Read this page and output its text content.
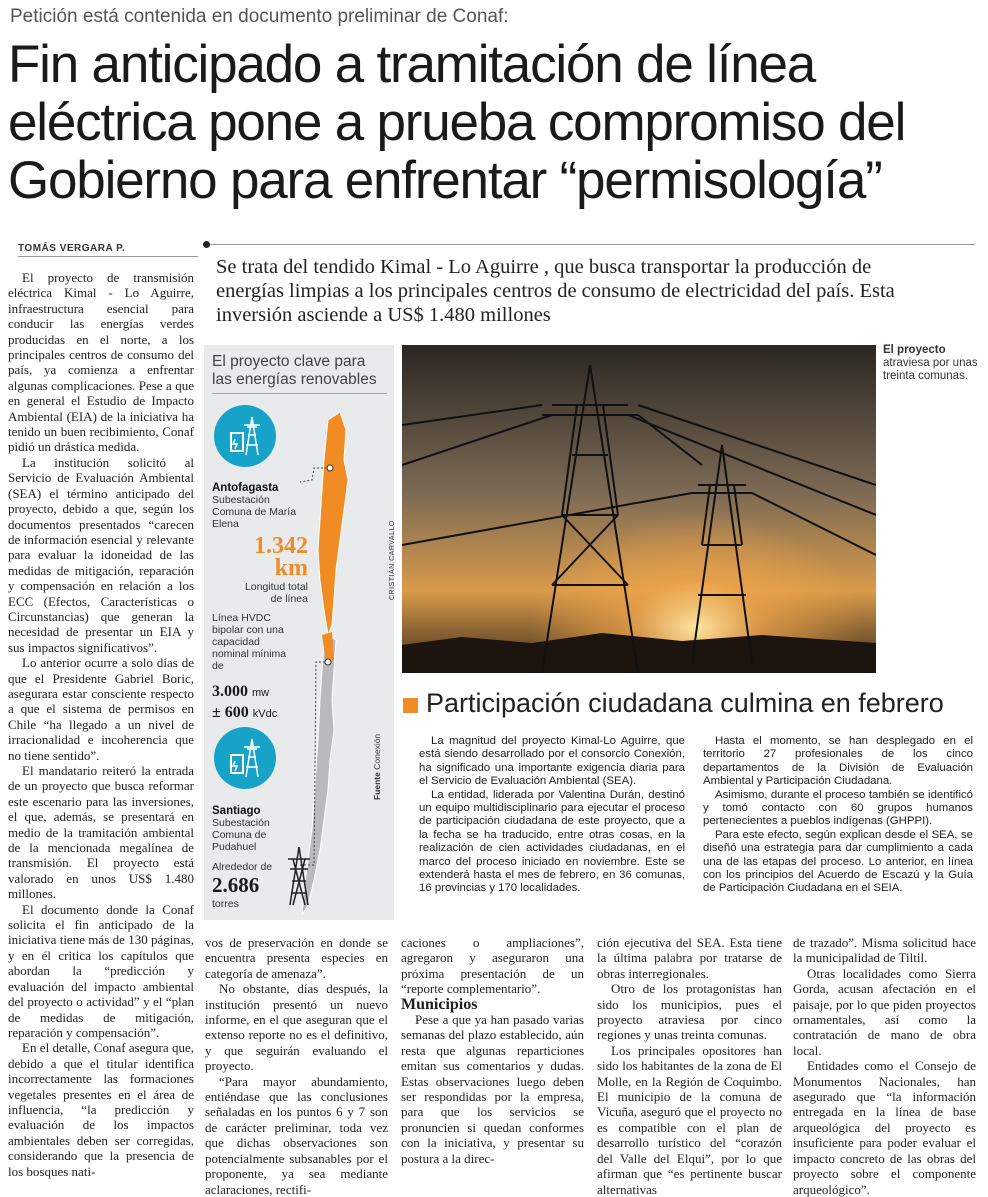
Petición está contenida en documento preliminar de Conaf:
Fin anticipado a tramitación de línea eléctrica pone a prueba compromiso del Gobierno para enfrentar “permisología”
TOMÁS VERGARA P.
Se trata del tendido Kimal - Lo Aguirre , que busca transportar la producción de energías limpias a los principales centros de consumo de electricidad del país. Esta inversión asciende a US$ 1.480 millones

El proyecto de transmisión eléctrica Kimal - Lo Aguirre, infraestructura esencial para conducir las energías verdes producidas en el norte, a los principales centros de consumo del país, ya comienza a enfrentar algunas complicaciones. Pese a que en general el Estudio de Impacto Ambiental (EIA) de la iniciativa ha tenido un buen recibimiento, Conaf pidió un drástica medida.

La institución solicitó al Servicio de Evaluación Ambiental (SEA) el término anticipado del proyecto, debido a que, según los documentos presentados “carecen de información esencial y relevante para evaluar la idoneidad de las medidas de mitigación, reparación y compensación en relación a los ECC (Efectos, Características o Circunstancias) que generan la necesidad de presentar un EIA y sus impactos significativos”.

Lo anterior ocurre a solo días de que el Presidente Gabriel Boric, asegurara estar consciente respecto a que el sistema de permisos en Chile “ha llegado a un nivel de irracionalidad e incoherencia que no tiene sentido”.

El mandatario reiteró la entrada de un proyecto que busca reformar este escenario para las inversiones, el que, además, se presentará en medio de la tramitación ambiental de la mencionada megalínea de transmisión. El proyecto está valorado en unos US$ 1.480 millones.

El documento donde la Conaf solicita el fin anticipado de la iniciativa tiene más de 130 páginas, y en él critica los capítulos que abordan la “predicción y evaluación del impacto ambiental del proyecto o actividad” y el “plan de medidas de mitigación, reparación y compensación”.

En el detalle, Conaf asegura que, debido a que el titular identifica incorrectamente las formaciones vegetales presentes en el área de influencia, “la predicción y evaluación de los impactos ambientales deben ser corregidas, considerando que la presencia de los bosques nati-

El proyecto clave para las energías renovables
Antofagasta
Subestación Comuna de María Elena
1.342
km
Longitud total de línea
Línea HVDC bipolar con una capacidad nominal mínima de
3.000 mw
± 600 kVdc
Santiago
Subestación Comuna de Pudahuel
Alrededor de
2.686
torres
Fuente Conexión
CRISTIÁN CARVALLO
El proyecto
atraviesa por unas treinta comunas.
Participación ciudadana culmina en febrero

La magnitud del proyecto Kimal-Lo Aguirre, que está siendo desarrollado por el consorcio Conexión, ha significado una importante exigencia diaria para el Servicio de Evaluación Ambiental (SEA).

La entidad, liderada por Valentina Durán, destinó un equipo multidisciplinario para ejecutar el proceso de participación ciudadana de este proyecto, que a la fecha se ha traducido, entre otras cosas, en la realización de cien actividades ciudadanas, en el marco del proceso iniciado en noviembre. Este se extenderá hasta el mes de febrero, en 36 comunas, 16 provincias y 170 localidades.

Hasta el momento, se han desplegado en el territorio 27 profesionales de los cinco departamentos de la División de Evaluación Ambiental y Participación Ciudadana.

Asimismo, durante el proceso también se identificó y tomó contacto con 60 grupos humanos pertenecientes a pueblos indígenas (GHPPI).

Para este efecto, según explican desde el SEA, se diseñó una estrategia para dar cumplimiento a cada una de las etapas del proceso. Lo anterior, en línea con los principios del Acuerdo de Escazú y la Guía de Participación Ciudadana en el SEIA.

vos de preservación en donde se encuentra presenta especies en categoría de amenaza”.

No obstante, días después, la institución presentó un nuevo informe, en el que aseguran que el extenso reporte no es el definitivo, y que seguirán evaluando el proyecto.

“Para mayor abundamiento, entiéndase que las conclusiones señaladas en los puntos 6 y 7 son de carácter preliminar, toda vez que dichas observaciones son potencialmente subsanables por el proponente, ya sea mediante aclaraciones, rectifi-

caciones o ampliaciones”, agregaron y aseguraron una próxima presentación de un “reporte complementario”.

Municipios

Pese a que ya han pasado varias semanas del plazo establecido, aún resta que algunas reparticiones emitan sus comentarios y dudas. Estas observaciones luego deben ser respondidas por la empresa, para que los servicios se pronuncien si quedan conformes con la iniciativa, y presentar su postura a la direc-

ción ejecutiva del SEA. Esta tiene la última palabra por tratarse de obras interregionales.

Otro de los protagonistas han sido los municipios, pues el proyecto atraviesa por cinco regiones y unas treinta comunas.

Los principales opositores han sido los habitantes de la zona de El Molle, en la Región de Coquimbo. El municipio de la comuna de Vicuña, aseguró que el proyecto no es compatible con el plan de desarrollo turístico del “corazón del Valle del Elqui”, por lo que afirman que “es pertinente buscar alternativas

de trazado”. Misma solicitud hace la municipalidad de Tiltil.

Otras localidades como Sierra Gorda, acusan afectación en el paisaje, por lo que piden proyectos ornamentales, así como la contratación de mano de obra local.

Entidades como el Consejo de Monumentos Nacionales, han asegurado que “la información entregada en la línea de base arqueológica del proyecto es insuficiente para poder evaluar el impacto concreto de las obras del proyecto sobre el componente arqueológico”.
